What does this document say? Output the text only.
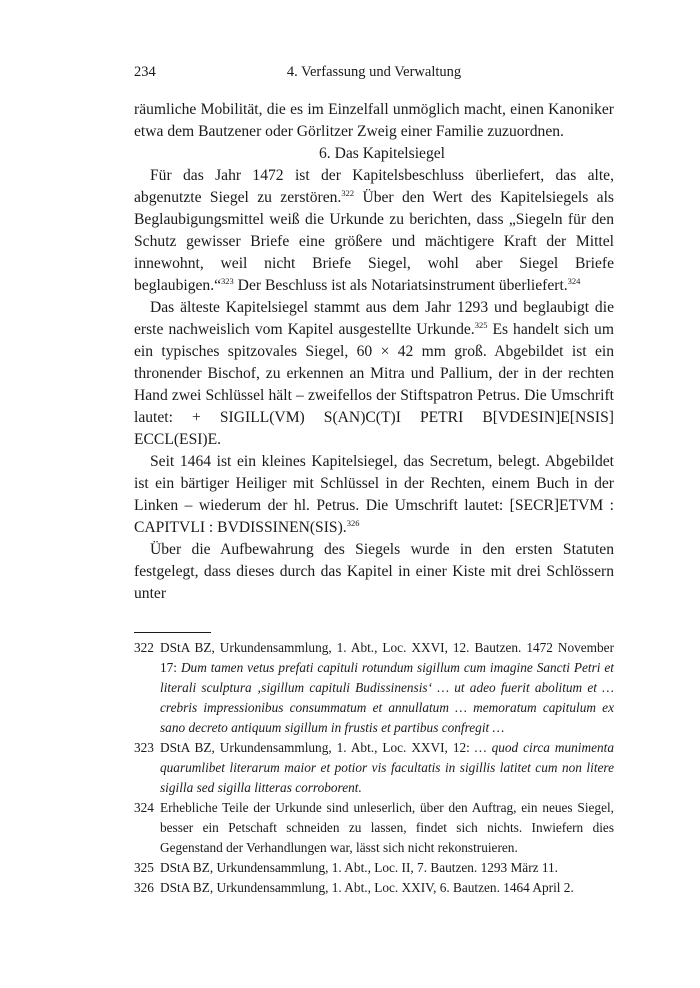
234	4. Verfassung und Verwaltung

räumliche Mobilität, die es im Einzelfall unmöglich macht, einen Kanoniker etwa dem Bautzener oder Görlitzer Zweig einer Familie zuzuordnen.

6. Das Kapitelsiegel

Für das Jahr 1472 ist der Kapitelsbeschluss überliefert, das alte, abgenutzte Siegel zu zerstören.$^{322}$ Über den Wert des Kapitelsiegels als Beglaubigungsmittel weiß die Urkunde zu berichten, dass „Siegeln für den Schutz gewisser Briefe eine größere und mächtigere Kraft der Mittel innewohnt, weil nicht Briefe Siegel, wohl aber Siegel Briefe beglaubigen.“$^{323}$ Der Beschluss ist als Notariatsinstrument überliefert.$^{324}$

Das älteste Kapitelsiegel stammt aus dem Jahr 1293 und beglaubigt die erste nachweislich vom Kapitel ausgestellte Urkunde.$^{325}$ Es handelt sich um ein typisches spitzovales Siegel, 60 × 42 mm groß. Abgebildet ist ein thronender Bischof, zu erkennen an Mitra und Pallium, der in der rechten Hand zwei Schlüssel hält – zweifellos der Stiftspatron Petrus. Die Umschrift lautet: + SIGILL(VM) S(AN)C(T)I PETRI B[VDESIN]E[NSIS] ECCL(ESI)E.

Seit 1464 ist ein kleines Kapitelsiegel, das Secretum, belegt. Abgebildet ist ein bärtiger Heiliger mit Schlüssel in der Rechten, einem Buch in der Linken – wiederum der hl. Petrus. Die Umschrift lautet: [SECR]ETVM : CAPITVLI : BVDISSINEN(SIS).$^{326}$

Über die Aufbewahrung des Siegels wurde in den ersten Statuten festgelegt, dass dieses durch das Kapitel in einer Kiste mit drei Schlössern unter

322 DStA BZ, Urkundensammlung, 1. Abt., Loc. XXVI, 12. Bautzen. 1472 November 17: Dum tamen vetus prefati capituli rotundum sigillum cum imagine Sancti Petri et literali sculptura ‚sigillum capituli Budissinensis‘ … ut adeo fuerit abolitum et … crebris impressionibus consummatum et annullatum … memoratum capitulum ex sano decreto antiquum sigillum in frustis et partibus confregit …
323 DStA BZ, Urkundensammlung, 1. Abt., Loc. XXVI, 12: … quod circa munimenta quarumlibet literarum maior et potior vis facultatis in sigillis latitet cum non litere sigilla sed sigilla litteras corroborent.
324 Erhebliche Teile der Urkunde sind unleserlich, über den Auftrag, ein neues Siegel, besser ein Petschaft schneiden zu lassen, findet sich nichts. Inwiefern dies Gegenstand der Verhandlungen war, lässt sich nicht rekonstruieren.
325 DStA BZ, Urkundensammlung, 1. Abt., Loc. II, 7. Bautzen. 1293 März 11.
326 DStA BZ, Urkundensammlung, 1. Abt., Loc. XXIV, 6. Bautzen. 1464 April 2.
